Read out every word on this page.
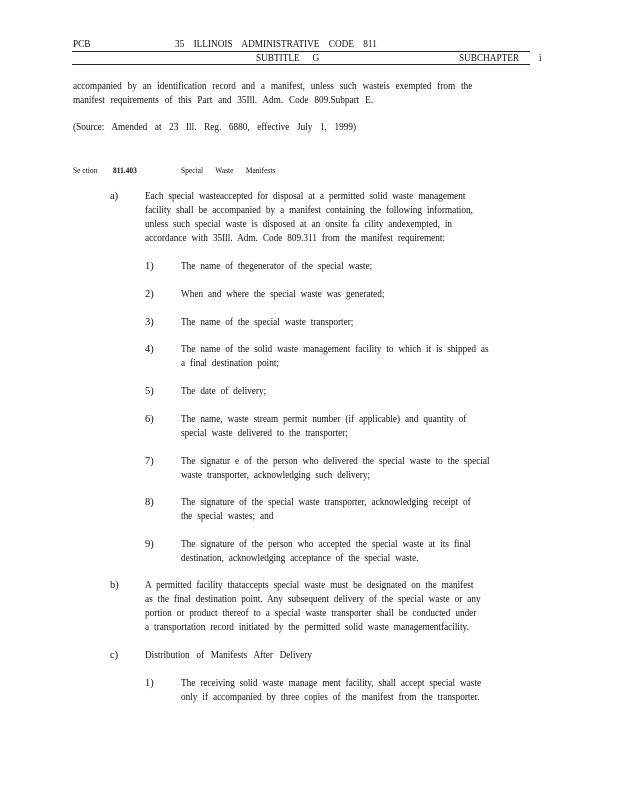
PCB	35 ILLINOIS ADMINISTRATIVE CODE 811
SUBTITLE G	SUBCHAPTER i
accompanied by an identification record and a manifest, unless such wasteis exempted from the
manifest requirements of this Part and 35Ill. Adm. Code 809.Subpart E.
(Source: Amended at 23 Ill. Reg. 6880, effective July 1, 1999)
Se ction 811.403	Special Waste Manifests
a)	Each special wasteaccepted for disposal at a permitted solid waste management
facility shall be accompanied by a manifest containing the following information,
unless such special waste is disposed at an onsite fa cility andexempted, in
accordance with 35Ill. Adm. Code 809.311 from the manifest requirement:
1)	The name of thegenerator of the special waste;
2)	When and where the special waste was generated;
3)	The name of the special waste transporter;
4)	The name of the solid waste management facility to which it is shipped as
a final destination point;
5)	The date of delivery;
6)	The name, waste stream permit number (if applicable) and quantity of
special waste delivered to the transporter;
7)	The signatur e of the person who delivered the special waste to the special
waste transporter, acknowledging such delivery;
8)	The signature of the special waste transporter, acknowledging receipt of
the special wastes; and
9)	The signature of the person who accepted the special waste at its final
destination, acknowledging acceptance of the special waste.
b)	A permitted facility thataccepts special waste must be designated on the manifest
as the final destination point. Any subsequent delivery of the special waste or any
portion or product thereof to a special waste transporter shall be conducted under
a transportation record initiated by the permitted solid waste managementfacility.
c)	Distribution of Manifests After Delivery
1)	The receiving solid waste manage ment facility, shall accept special waste
only if accompanied by three copies of the manifest from the transporter.
